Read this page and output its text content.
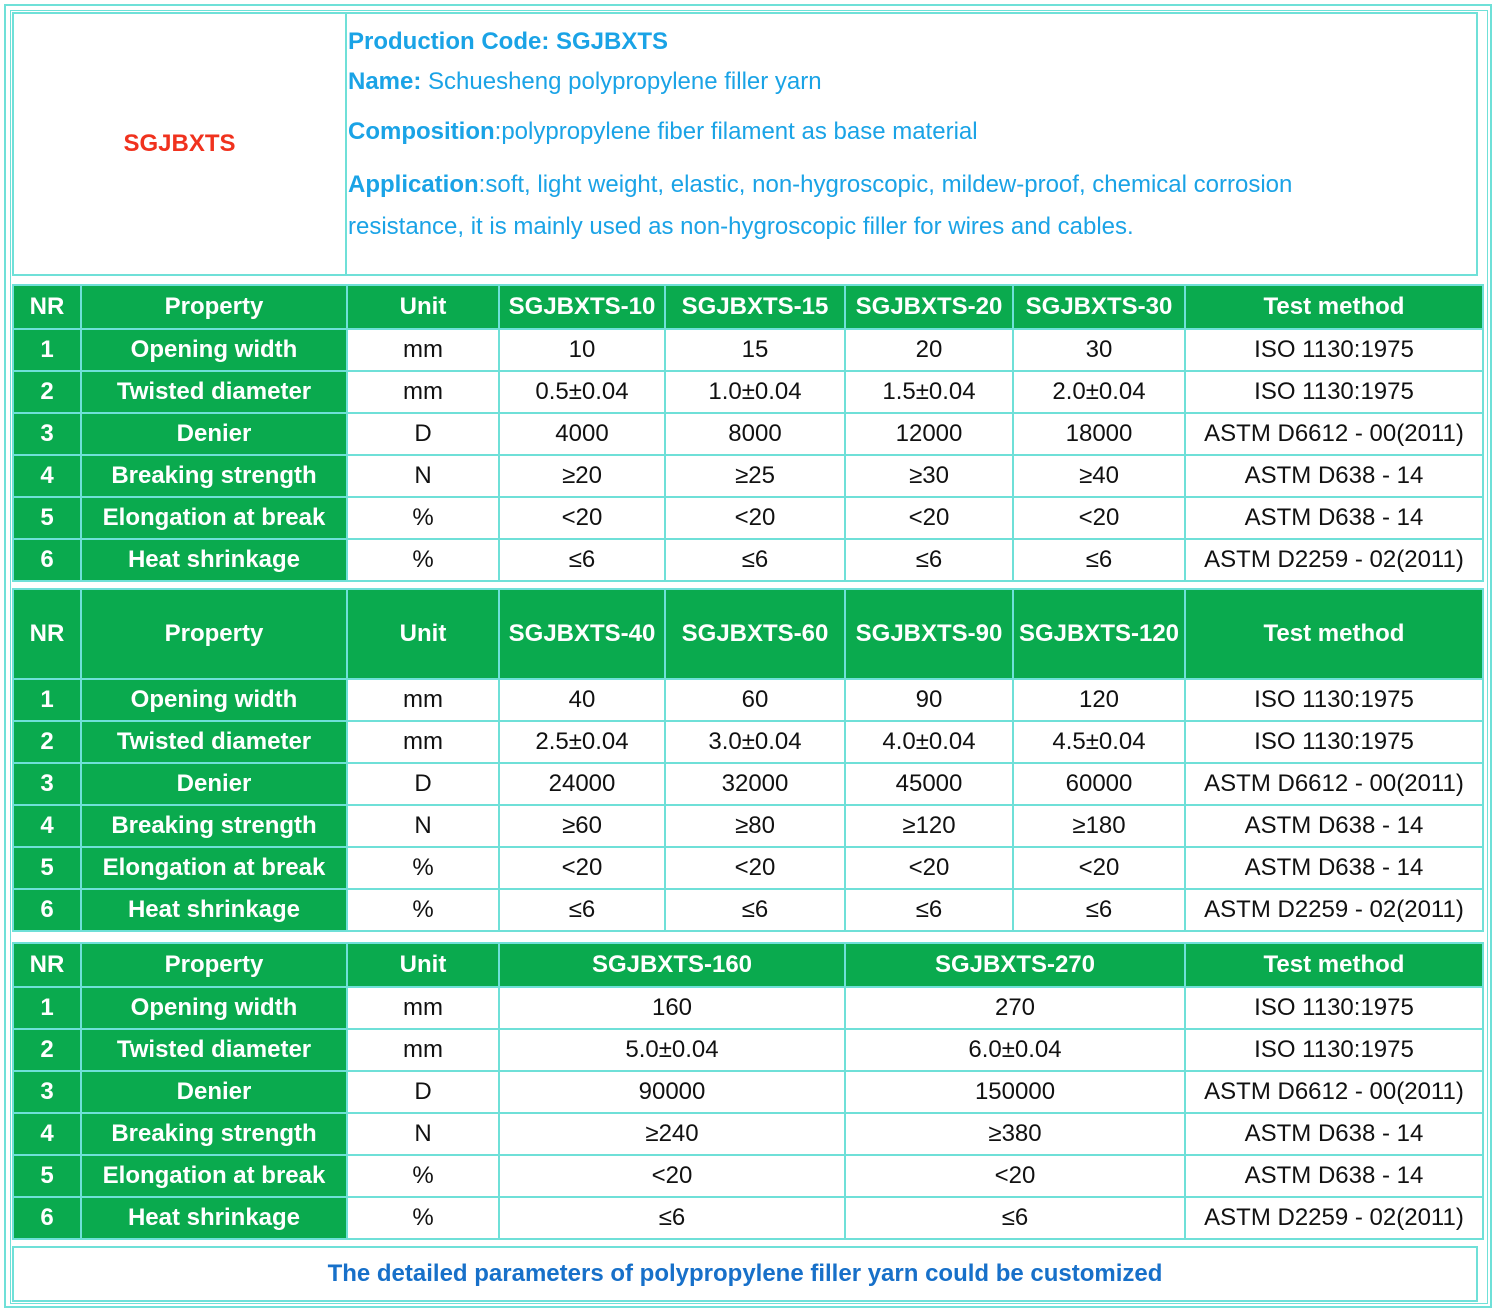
SGJBXTS
Production Code: SGJBXTS
Name: Schuesheng polypropylene filler yarn
Composition:polypropylene fiber filament as base material
Application:soft, light weight, elastic, non-hygroscopic, mildew-proof, chemical corrosion resistance, it is mainly used as non-hygroscopic filler for wires and cables.
NR	Property	Unit	SGJBXTS-10	SGJBXTS-15	SGJBXTS-20	SGJBXTS-30	Test method
1	Opening width	mm	10	15	20	30	ISO 1130:1975
2	Twisted diameter	mm	0.5±0.04	1.0±0.04	1.5±0.04	2.0±0.04	ISO 1130:1975
3	Denier	D	4000	8000	12000	18000	ASTM D6612 - 00(2011)
4	Breaking strength	N	≥20	≥25	≥30	≥40	ASTM D638 - 14
5	Elongation at break	%	<20	<20	<20	<20	ASTM D638 - 14
6	Heat shrinkage	%	≤6	≤6	≤6	≤6	ASTM D2259 - 02(2011)
NR	Property	Unit	SGJBXTS-40	SGJBXTS-60	SGJBXTS-90	SGJBXTS-120	Test method
1	Opening width	mm	40	60	90	120	ISO 1130:1975
2	Twisted diameter	mm	2.5±0.04	3.0±0.04	4.0±0.04	4.5±0.04	ISO 1130:1975
3	Denier	D	24000	32000	45000	60000	ASTM D6612 - 00(2011)
4	Breaking strength	N	≥60	≥80	≥120	≥180	ASTM D638 - 14
5	Elongation at break	%	<20	<20	<20	<20	ASTM D638 - 14
6	Heat shrinkage	%	≤6	≤6	≤6	≤6	ASTM D2259 - 02(2011)
NR	Property	Unit	SGJBXTS-160	SGJBXTS-270	Test method
1	Opening width	mm	160	270	ISO 1130:1975
2	Twisted diameter	mm	5.0±0.04	6.0±0.04	ISO 1130:1975
3	Denier	D	90000	150000	ASTM D6612 - 00(2011)
4	Breaking strength	N	≥240	≥380	ASTM D638 - 14
5	Elongation at break	%	<20	<20	ASTM D638 - 14
6	Heat shrinkage	%	≤6	≤6	ASTM D2259 - 02(2011)
The detailed parameters of polypropylene filler yarn could be customized
